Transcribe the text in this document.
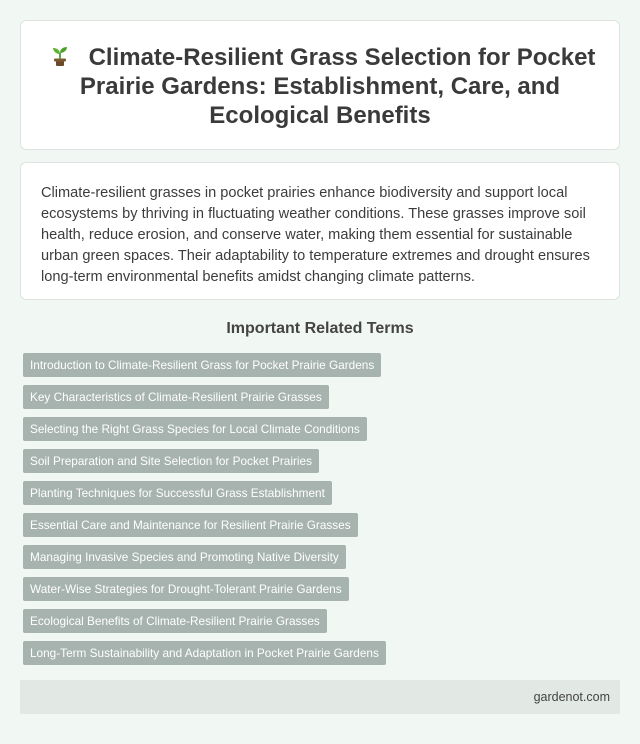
Climate-Resilient Grass Selection for Pocket Prairie Gardens: Establishment, Care, and Ecological Benefits

Climate-resilient grasses in pocket prairies enhance biodiversity and support local ecosystems by thriving in fluctuating weather conditions. These grasses improve soil health, reduce erosion, and conserve water, making them essential for sustainable urban green spaces. Their adaptability to temperature extremes and drought ensures long-term environmental benefits amidst changing climate patterns.

Important Related Terms
Introduction to Climate-Resilient Grass for Pocket Prairie Gardens
Key Characteristics of Climate-Resilient Prairie Grasses
Selecting the Right Grass Species for Local Climate Conditions
Soil Preparation and Site Selection for Pocket Prairies
Planting Techniques for Successful Grass Establishment
Essential Care and Maintenance for Resilient Prairie Grasses
Managing Invasive Species and Promoting Native Diversity
Water-Wise Strategies for Drought-Tolerant Prairie Gardens
Ecological Benefits of Climate-Resilient Prairie Grasses
Long-Term Sustainability and Adaptation in Pocket Prairie Gardens
gardenot.com
